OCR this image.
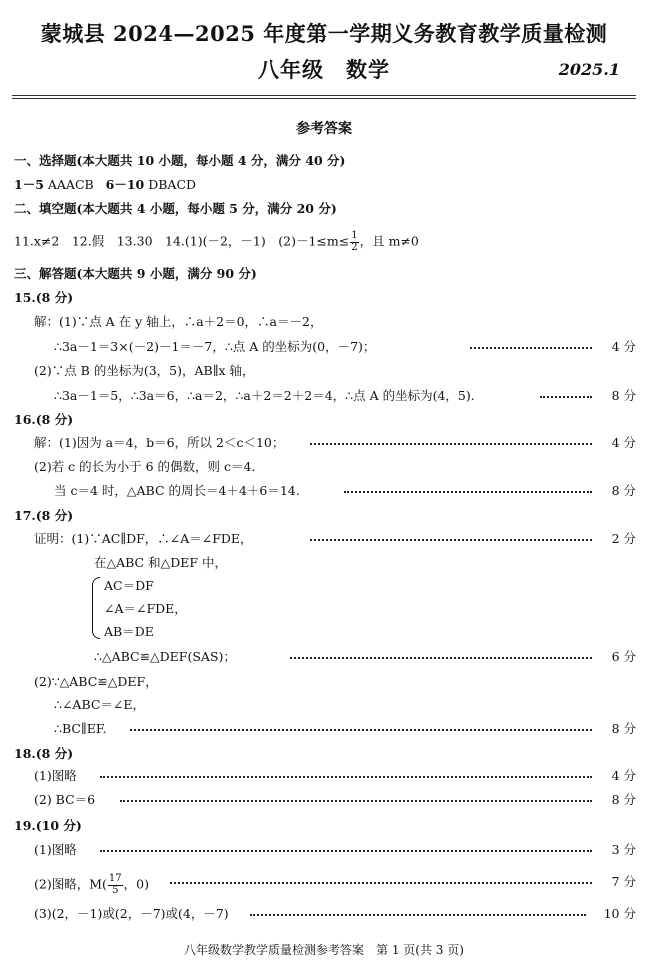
蒙城县 2024—2025 年度第一学期义务教育教学质量检测
八年级　数学	2025.1
参考答案
一、选择题(本大题共 10 小题，每小题 4 分，满分 40 分)
1－5 AAACB 6－10 DBACD
二、填空题(本大题共 4 小题，每小题 5 分，满分 20 分)
11.x≠2　12.假　13.30　14.(1)(－2，－1)　$(2)-1\le m\le \frac{1}{2}$ ，且 m≠0
三、解答题(本大题共 9 小题，满分 90 分)
15.(8 分)
解：(1)∵点 A 在 y 轴上，∴a＋2＝0，∴a＝－2，
∴3a－1＝3×(－2)－1＝－7，∴点 A 的坐标为(0，－7)；	4 分
(2)∵点 B 的坐标为(3，5)，AB∥x 轴，
∴3a－1＝5，∴3a＝6，∴a＝2，∴a＋2＝2＋2＝4，∴点 A 的坐标为(4，5).	8 分
16.(8 分)
解：(1)因为 a＝4，b＝6，所以 2＜c＜10；	4 分
(2)若 c 的长为小于 6 的偶数，则 c＝4.
当 c＝4 时，△ABC 的周长＝4＋4＋6＝14.	8 分
17.(8 分)
证明：(1)∵AC∥DF，∴∠A＝∠FDE，	2 分
在△ABC 和△DEF 中，
AC＝DF
∠A＝∠FDE，
AB＝DE
∴△ABC≌△DEF(SAS)；	6 分
(2)∵△ABC≌△DEF，
∴∠ABC＝∠E，
∴BC∥EF.	8 分
18.(8 分)
(1)图略	4 分
(2) BC＝6	8 分
19.(10 分)
(1)图略	3 分
(2)图略，$M( \frac{17}{5}$ ，0)	7 分
(3)(2，－1)或(2，－7)或(4，－7)	10 分
八年级数学教学质量检测参考答案　第 1 页(共 3 页)
